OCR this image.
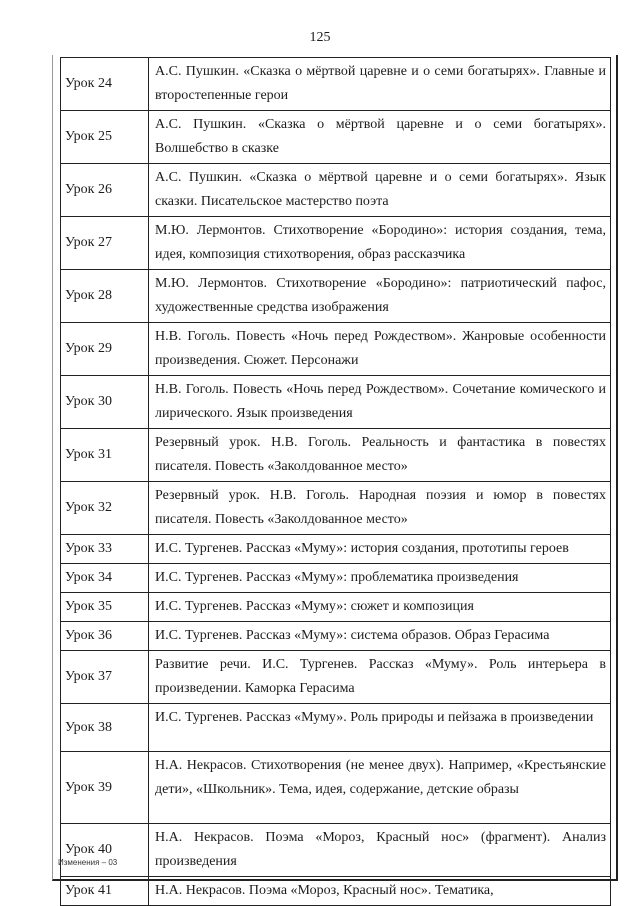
125
Урок 24	А.С. Пушкин. «Сказка о мёртвой царевне и о семи богатырях». Главные и второстепенные герои

Урок 25	А.С. Пушкин. «Сказка о мёртвой царевне и о семи богатырях». Волшебство в сказке

Урок 26	А.С. Пушкин. «Сказка о мёртвой царевне и о семи богатырях». Язык сказки. Писательское мастерство поэта

Урок 27	М.Ю. Лермонтов. Стихотворение «Бородино»: история создания, тема, идея, композиция стихотворения, образ рассказчика

Урок 28	М.Ю. Лермонтов. Стихотворение «Бородино»: патриотический пафос, художественные средства изображения

Урок 29	Н.В. Гоголь. Повесть «Ночь перед Рождеством». Жанровые особенности произведения. Сюжет. Персонажи

Урок 30	Н.В. Гоголь. Повесть «Ночь перед Рождеством». Сочетание комического и лирического. Язык произведения

Урок 31	Резервный урок. Н.В. Гоголь. Реальность и фантастика в повестях писателя. Повесть «Заколдованное место»

Урок 32	Резервный урок. Н.В. Гоголь. Народная поэзия и юмор в повестях писателя. Повесть «Заколдованное место»

Урок 33	И.С. Тургенев. Рассказ «Муму»: история создания, прототипы героев

Урок 34	И.С. Тургенев. Рассказ «Муму»: проблематика произведения

Урок 35	И.С. Тургенев. Рассказ «Муму»: сюжет и композиция

Урок 36	И.С. Тургенев. Рассказ «Муму»: система образов. Образ Герасима

Урок 37	Развитие речи. И.С. Тургенев. Рассказ «Муму». Роль интерьера в произведении. Каморка Герасима

Урок 38	И.С. Тургенев. Рассказ «Муму». Роль природы и пейзажа в произведении

Урок 39	Н.А. Некрасов. Стихотворения (не менее двух). Например, «Крестьянские дети», «Школьник». Тема, идея, содержание, детские образы

Урок 40	Н.А. Некрасов. Поэма «Мороз, Красный нос» (фрагмент). Анализ произведения

Урок 41	Н.А. Некрасов. Поэма «Мороз, Красный нос». Тематика,
Изменения – 03
